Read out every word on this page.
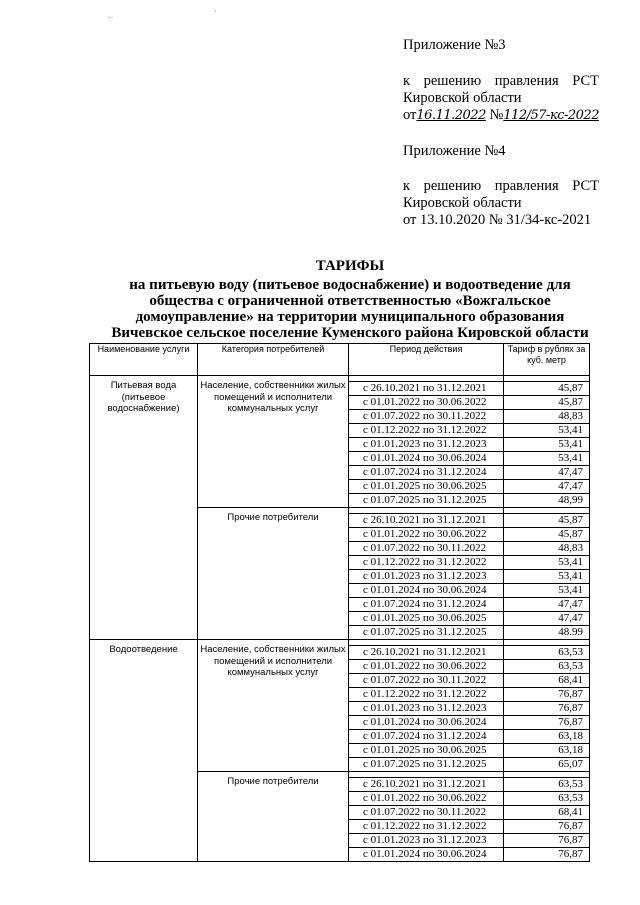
⌐
·
Приложение №3
к решению правления РСТ
Кировской области
от16.11.2022 №112/57-кс-2022
Приложение №4
к решению правления РСТ
Кировской области
от 13.10.2020 № 31/34-кс-2021
ТАРИФЫ
на питьевую воду (питьевое водоснабжение) и водоотведение для
общества с ограниченной ответственностью «Вожгальское
домоуправление» на территории муниципального образования
Вичевское сельское поселение Куменского района Кировской области
Наименование услуги	Категория потребителей	Период действия	Тариф в рублях за куб. метр
Питьевая вода (питьевое водоснабжение)	Население, собственники жилых помещений и исполнители коммунальных услуг		
		с 26.10.2021 по 31.12.2021	45,87
		с 01.01.2022 по 30.06.2022	45,87
		с 01.07.2022 по 30.11.2022	48,83
		с 01.12.2022 по 31.12.2022	53,41
		с 01.01.2023 по 31.12.2023	53,41
		с 01.01.2024 по 30.06.2024	53,41
		с 01.07.2024 по 31.12.2024	47,47
		с 01.01.2025 по 30.06.2025	47,47
		с 01.07.2025 по 31.12.2025	48,99
	Прочие потребители		
		с 26.10.2021 по 31.12.2021	45,87
		с 01.01.2022 по 30.06.2022	45,87
		с 01.07.2022 по 30.11.2022	48,83
		с 01.12.2022 по 31.12.2022	53,41
		с 01.01.2023 по 31.12.2023	53,41
		с 01.01.2024 по 30.06.2024	53,41
		с 01.07.2024 по 31.12.2024	47,47
		с 01.01.2025 по 30.06.2025	47,47
		с 01.07.2025 по 31.12.2025	48.99
Водоотведение	Население, собственники жилых помещений и исполнители коммунальных услуг		
		с 26.10.2021 по 31.12.2021	63,53
		с 01.01.2022 по 30.06.2022	63,53
		с 01.07.2022 по 30.11.2022	68,41
		с 01.12.2022 по 31.12.2022	76,87
		с 01.01.2023 по 31.12.2023	76,87
		с 01.01.2024 по 30.06.2024	76,87
		с 01.07.2024 по 31.12.2024	63,18
		с 01.01.2025 по 30.06.2025	63,18
		с 01.07.2025 по 31.12.2025	65,07
	Прочие потребители		
		с 26.10.2021 по 31.12.2021	63,53
		с 01.01.2022 по 30.06.2022	63,53
		с 01.07.2022 по 30.11.2022	68,41
		с 01.12.2022 по 31.12.2022	76,87
		с 01.01.2023 по 31.12.2023	76,87
		с 01.01.2024 по 30.06.2024	76,87
